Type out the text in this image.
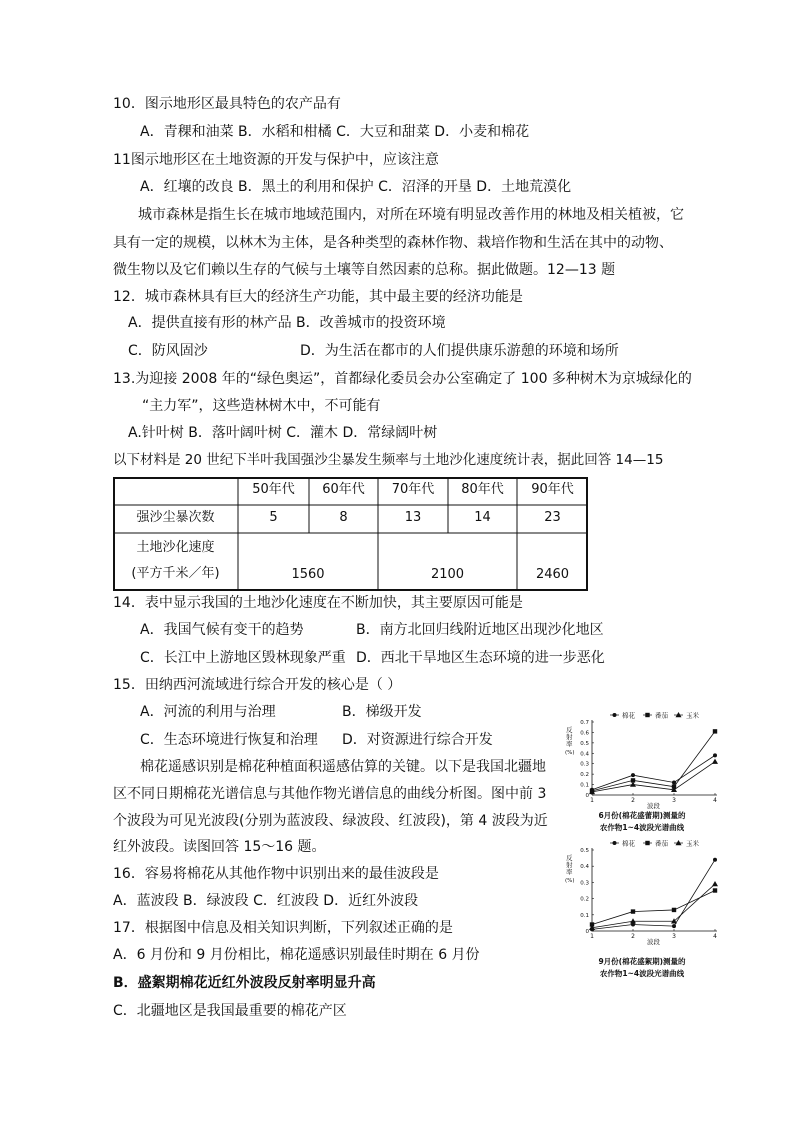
10．图示地形区最具特色的农产品有
A．青稞和油菜 B．水稻和柑橘 C．大豆和甜菜 D．小麦和棉花
11图示地形区在土地资源的开发与保护中，应该注意
A．红壤的改良 B．黑土的利用和保护 C．沼泽的开垦 D．土地荒漠化
城市森林是指生长在城市地域范围内，对所在环境有明显改善作用的林地及相关植被，它
具有一定的规模，以林木为主体，是各种类型的森林作物、栽培作物和生活在其中的动物、
微生物以及它们赖以生存的气候与土壤等自然因素的总称。据此做题。12—13 题
12．城市森林具有巨大的经济生产功能，其中最主要的经济功能是
A．提供直接有形的林产品 B．改善城市的投资环境
C．防风固沙	D．为生活在都市的人们提供康乐游憩的环境和场所
13.为迎接 2008 年的“绿色奥运”，首都绿化委员会办公室确定了 100 多种树木为京城绿化的
“主力军”，这些造林树木中，不可能有
A.针叶树 B．落叶阔叶树 C．灌木 D．常绿阔叶树
以下材料是 20 世纪下半叶我国强沙尘暴发生频率与土地沙化速度统计表，据此回答 14—15
50年代	60年代	70年代	80年代	90年代
强沙尘暴次数	5	8	13	14	23
土地沙化速度
(平方千米／年)	1560	2100	2460
14．表中显示我国的土地沙化速度在不断加快，其主要原因可能是
A．我国气候有变干的趋势	B．南方北回归线附近地区出现沙化地区
C．长江中上游地区毁林现象严重 D．西北干旱地区生态环境的进一步恶化
15．田纳西河流域进行综合开发的核心是（ ）
A．河流的利用与治理	B．梯级开发
C．生态环境进行恢复和治理 D．对资源进行综合开发
棉花遥感识别是棉花种植面积遥感估算的关键。以下是我国北疆地
区不同日期棉花光谱信息与其他作物光谱信息的曲线分析图。图中前 3
个波段为可见光波段(分别为蓝波段、绿波段、红波段)，第 4 波段为近
红外波段。读图回答 15～16 题。
16．容易将棉花从其他作物中识别出来的最佳波段是
A．蓝波段 B．绿波段 C．红波段 D．近红外波段
17．根据图中信息及相关知识判断，下列叙述正确的是
A．6 月份和 9 月份相比，棉花遥感识别最佳时期在 6 月份
B．盛絮期棉花近红外波段反射率明显升高
C．北疆地区是我国最重要的棉花产区
0.7
0.6
0.5
0.4
0.3
0.2
0.1
0
1	2	3	4
反
射
率
(%)
波段
棉花	番茄	玉米
6月份(棉花盛蕾期)测量的
农作物1~4波段光谱曲线
0.5
0.4
0.3
0.2
0.1
0
1	2	3	4
反
射
率
(%)
波段
棉花	番茄	玉米
9月份(棉花盛絮期)测量的
农作物1~4波段光谱曲线
